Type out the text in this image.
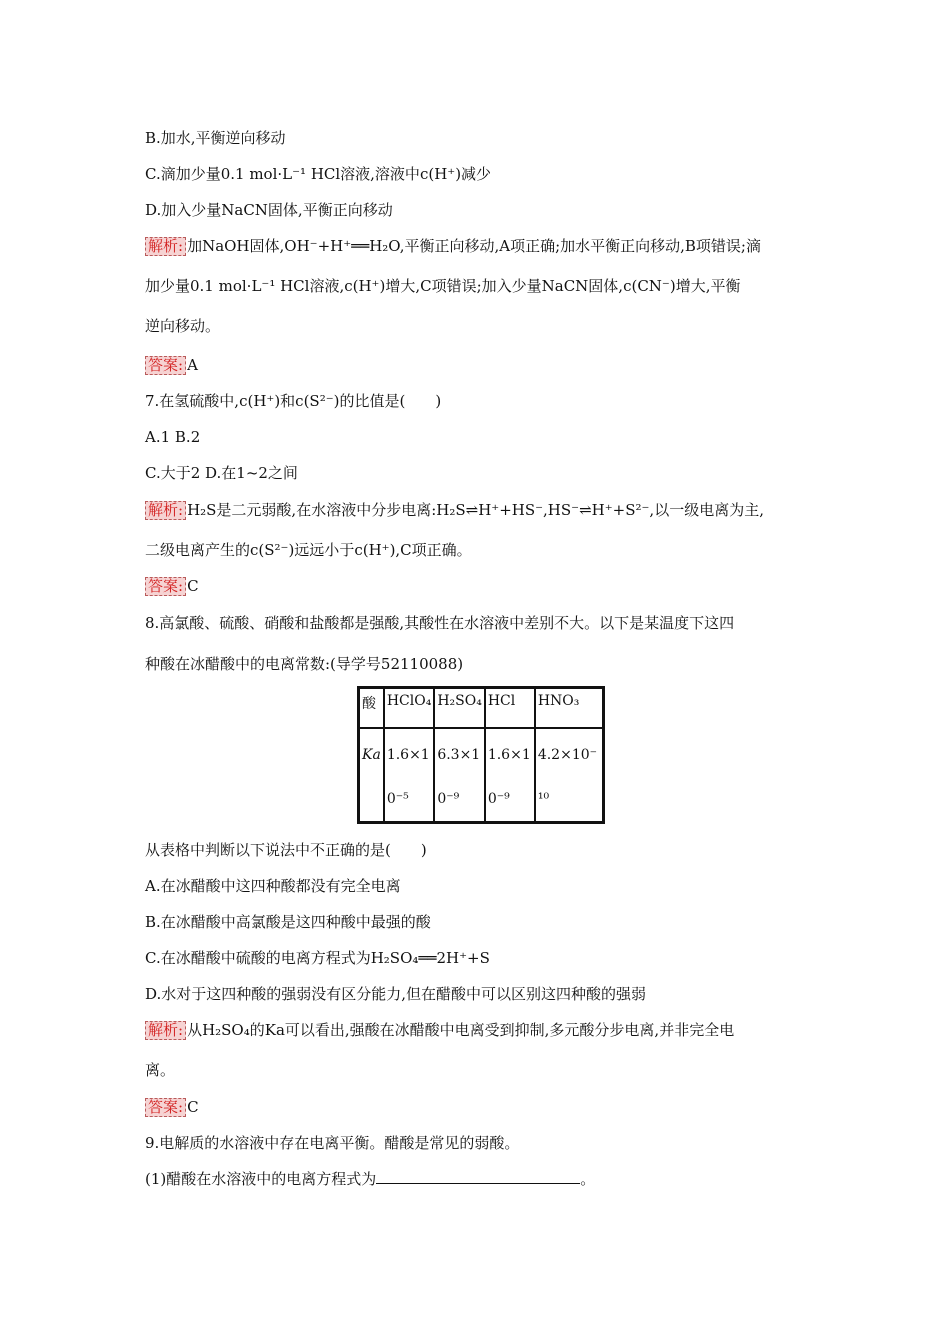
B.加水,平衡逆向移动
C.滴加少量0.1 mol·L⁻¹ HCl溶液,溶液中c(H⁺)减少
D.加入少量NaCN固体,平衡正向移动
解析: 加NaOH固体,OH⁻+H⁺══H₂O,平衡正向移动,A项正确;加水平衡正向移动,B项错误;滴
加少量0.1 mol·L⁻¹ HCl溶液,c(H⁺)增大,C项错误;加入少量NaCN固体,c(CN⁻)增大,平衡
逆向移动。
答案: A
7.在氢硫酸中,c(H⁺)和c(S²⁻)的比值是(　　)
A.1 B.2
C.大于2 D.在1~2之间
解析: H₂S是二元弱酸,在水溶液中分步电离:H₂S⇌H⁺+HS⁻,HS⁻⇌H⁺+S²⁻,以一级电离为主,
二级电离产生的c(S²⁻)远远小于c(H⁺),C项正确。
答案: C
8.高氯酸、硫酸、硝酸和盐酸都是强酸,其酸性在水溶液中差别不大。以下是某温度下这四
种酸在冰醋酸中的电离常数:(导学号52110088)
酸	HClO₄	H₂SO₄	HCl	HNO₃
Ka	1.6×10⁻⁵	6.3×10⁻⁹	1.6×10⁻⁹	4.2×10⁻¹⁰
从表格中判断以下说法中不正确的是(　　)
A.在冰醋酸中这四种酸都没有完全电离
B.在冰醋酸中高氯酸是这四种酸中最强的酸
C.在冰醋酸中硫酸的电离方程式为H₂SO₄══2H⁺+S
D.水对于这四种酸的强弱没有区分能力,但在醋酸中可以区别这四种酸的强弱
解析: 从H₂SO₄的Ka可以看出,强酸在冰醋酸中电离受到抑制,多元酸分步电离,并非完全电
离。
答案: C
9.电解质的水溶液中存在电离平衡。醋酸是常见的弱酸。
(1)醋酸在水溶液中的电离方程式为	。
